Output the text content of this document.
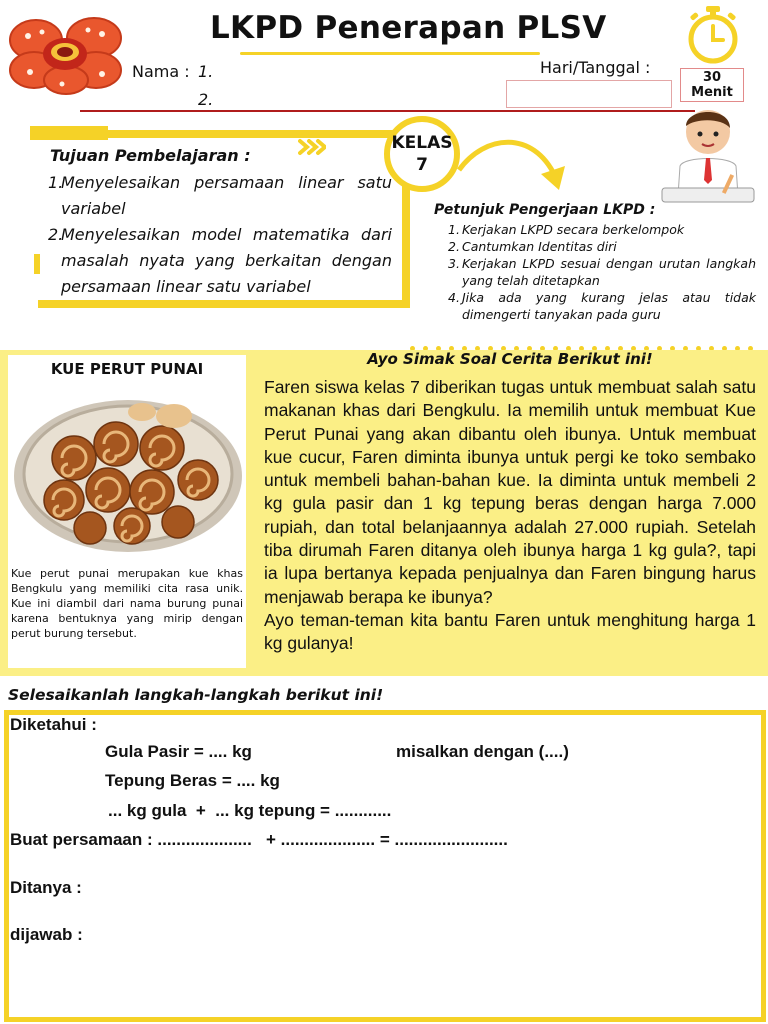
LKPD Penerapan PLSV
Nama : 1.
2.
Hari/Tanggal :
30
Menit
Tujuan Pembelajaran :
1.
Menyelesaikan persamaan linear satu variabel
2.
Menyelesaikan model matematika dari masalah nyata yang berkaitan dengan persamaan linear satu variabel
KELAS
7
Petunjuk Pengerjaan LKPD :
1. Kerjakan LKPD secara berkelompok
2. Cantumkan Identitas diri
3. Kerjakan LKPD sesuai dengan urutan langkah yang telah ditetapkan
4. Jika ada yang kurang jelas atau tidak dimengerti tanyakan pada guru
KUE PERUT PUNAI
Kue perut punai merupakan kue khas Bengkulu yang memiliki cita rasa unik. Kue ini diambil dari nama burung punai karena bentuknya yang mirip dengan perut burung tersebut.
Ayo Simak Soal Cerita Berikut ini!
Faren siswa kelas 7 diberikan tugas untuk membuat salah satu makanan khas dari Bengkulu. Ia memilih untuk membuat Kue Perut Punai yang akan dibantu oleh ibunya. Untuk membuat kue cucur, Faren diminta ibunya untuk pergi ke toko sembako untuk membeli bahan-bahan kue. Ia diminta untuk membeli 2 kg gula pasir dan 1 kg tepung beras dengan harga 7.000 rupiah, dan total belanjaannya adalah 27.000 rupiah. Setelah tiba dirumah Faren ditanya oleh ibunya harga 1 kg gula?, tapi ia lupa bertanya kepada penjualnya dan Faren bingung harus menjawab berapa ke ibunya?
Ayo teman-teman kita bantu Faren untuk menghitung harga 1 kg gulanya!
Selesaikanlah langkah-langkah berikut ini!
Diketahui :
Gula Pasir = .... kg	misalkan dengan (....)
Tepung Beras = .... kg
... kg gula  +  ... kg tepung = ............
Buat persamaan : ....................   + .................... = ........................
Ditanya :
dijawab :
